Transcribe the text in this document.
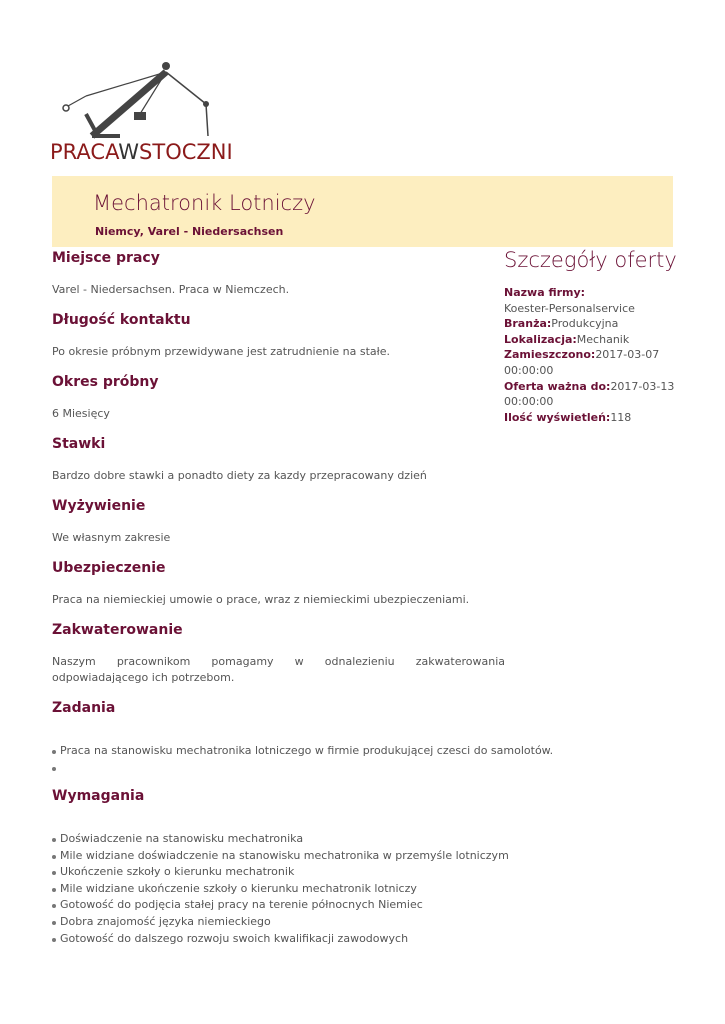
PRACAWSTOCZNI
Mechatronik Lotniczy
Niemcy, Varel - Niedersachsen
Miejsce pracy

Varel - Niedersachsen. Praca w Niemczech.

Długość kontaktu

Po okresie próbnym przewidywane jest zatrudnienie na stałe.

Okres próbny

6 Miesięcy

Stawki

Bardzo dobre stawki a ponadto diety za kazdy przepracowany dzień

Wyżywienie

We własnym zakresie

Ubezpieczenie

Praca na niemieckiej umowie o prace, wraz z niemieckimi ubezpieczeniami.

Zakwaterowanie

Naszym pracownikom pomagamy w odnalezieniu zakwaterowania odpowiadającego ich potrzebom.

Zadania
Praca na stanowisku mechatronika lotniczego w firmie produkującej czesci do samolotów.
Wymagania
Doświadczenie na stanowisku mechatronika
Mile widziane doświadczenie na stanowisku mechatronika w przemyśle lotniczym
Ukończenie szkoły o kierunku mechatronik
Mile widziane ukończenie szkoły o kierunku mechatronik lotniczy
Gotowość do podjęcia stałej pracy na terenie północnych Niemiec
Dobra znajomość języka niemieckiego
Gotowość do dalszego rozwoju swoich kwalifikacji zawodowych
Szczegóły oferty
Nazwa firmy:
Koester-Personalservice
Branża:Produkcyjna
Lokalizacja:Mechanik
Zamieszczono:2017-03-07 00:00:00
Oferta ważna do:2017-03-13 00:00:00
Ilość wyświetleń:118
